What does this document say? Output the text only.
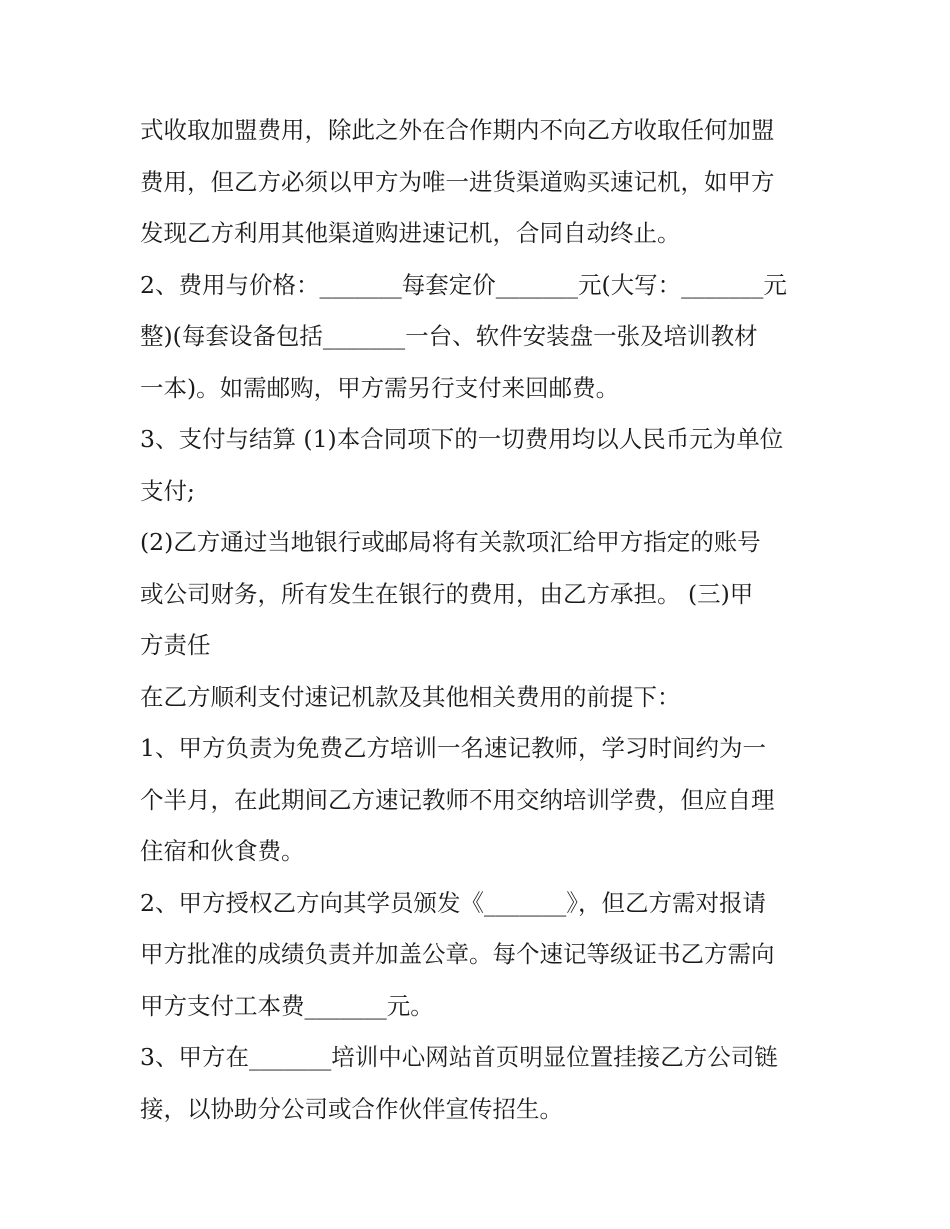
式收取加盟费用，除此之外在合作期内不向乙方收取任何加盟
费用，但乙方必须以甲方为唯一进货渠道购买速记机，如甲方
发现乙方利用其他渠道购进速记机，合同自动终止。
2、费用与价格：_______每套定价_______元(大写：_______元
整)(每套设备包括_______一台、软件安装盘一张及培训教材
一本)。如需邮购，甲方需另行支付来回邮费。
3、支付与结算 (1)本合同项下的一切费用均以人民币元为单位
支付;
(2)乙方通过当地银行或邮局将有关款项汇给甲方指定的账号
或公司财务，所有发生在银行的费用，由乙方承担。 (三)甲
方责任
在乙方顺利支付速记机款及其他相关费用的前提下：
1、甲方负责为免费乙方培训一名速记教师，学习时间约为一
个半月，在此期间乙方速记教师不用交纳培训学费，但应自理
住宿和伙食费。
2、甲方授权乙方向其学员颁发《_______》，但乙方需对报请
甲方批准的成绩负责并加盖公章。每个速记等级证书乙方需向
甲方支付工本费_______元。
3、甲方在_______培训中心网站首页明显位置挂接乙方公司链
接，以协助分公司或合作伙伴宣传招生。
